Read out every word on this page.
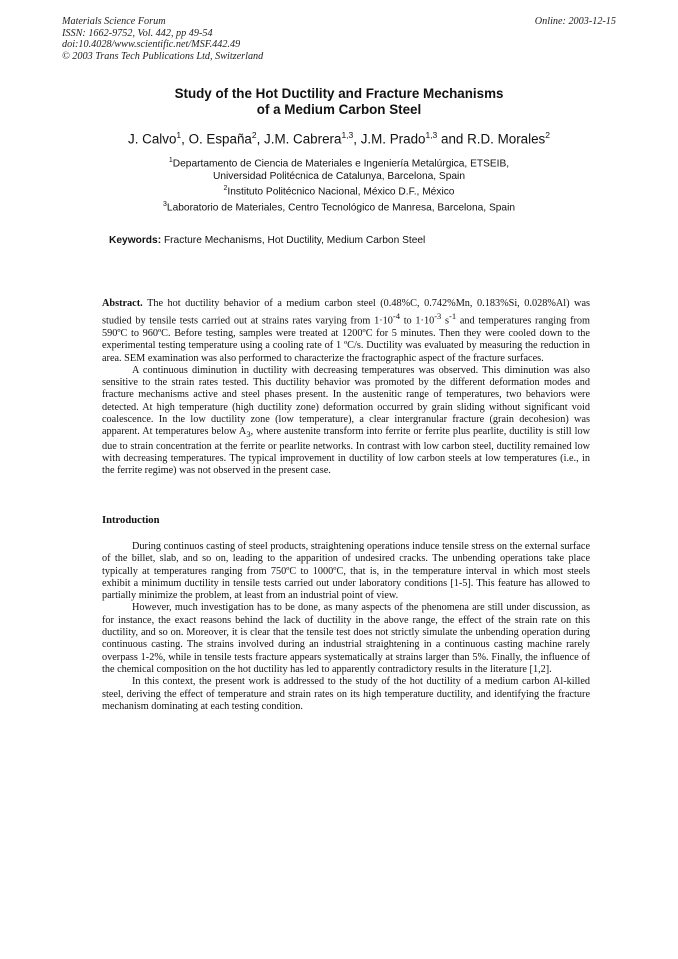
Materials Science Forum
ISSN: 1662-9752, Vol. 442, pp 49-54
doi:10.4028/www.scientific.net/MSF.442.49
© 2003 Trans Tech Publications Ltd, Switzerland
Online: 2003-12-15
Study of the Hot Ductility and Fracture Mechanisms
of a Medium Carbon Steel
J. Calvo$^1$, O. España$^2$, J.M. Cabrera$^{1,3}$, J.M. Prado$^{1,3}$ and R.D. Morales$^2$
$^1$Departamento de Ciencia de Materiales e Ingeniería Metalúrgica, ETSEIB,
Universidad Politécnica de Catalunya, Barcelona, Spain
$^2$Instituto Politécnico Nacional, México D.F., México
$^3$Laboratorio de Materiales, Centro Tecnológico de Manresa, Barcelona, Spain
Keywords: Fracture Mechanisms, Hot Ductility, Medium Carbon Steel

Abstract. The hot ductility behavior of a medium carbon steel (0.48%C, 0.742%Mn, 0.183%Si, 0.028%Al) was studied by tensile tests carried out at strains rates varying from $1\cdot 10^{-4}$ to $1\cdot 10^{-3}$ $s^{-1}$ and temperatures ranging from 590ºC to 960ºC. Before testing, samples were treated at 1200ºC for 5 minutes. Then they were cooled down to the experimental testing temperature using a cooling rate of 1 ºC/s. Ductility was evaluated by measuring the reduction in area. SEM examination was also performed to characterize the fractographic aspect of the fracture surfaces.

A continuous diminution in ductility with decreasing temperatures was observed. This diminution was also sensitive to the strain rates tested. This ductility behavior was promoted by the different deformation modes and fracture mechanisms active and steel phases present. In the austenitic range of temperatures, two behaviors were detected. At high temperature (high ductility zone) deformation occurred by grain sliding without significant void coalescence. In the low ductility zone (low temperature), a clear intergranular fracture (grain decohesion) was apparent. At temperatures below $A_3$, where austenite transform into ferrite or ferrite plus pearlite, ductility is still low due to strain concentration at the ferrite or pearlite networks. In contrast with low carbon steel, ductility remained low with decreasing temperatures. The typical improvement in ductility of low carbon steels at low temperatures (i.e., in the ferrite regime) was not observed in the present case.

Introduction

During continuos casting of steel products, straightening operations induce tensile stress on the external surface of the billet, slab, and so on, leading to the apparition of undesired cracks. The unbending operations take place typically at temperatures ranging from 750ºC to 1000ºC, that is, in the temperature interval in which most steels exhibit a minimum ductility in tensile tests carried out under laboratory conditions [1-5]. This feature has allowed to partially minimize the problem, at least from an industrial point of view.

However, much investigation has to be done, as many aspects of the phenomena are still under discussion, as for instance, the exact reasons behind the lack of ductility in the above range, the effect of the strain rate on this ductility, and so on. Moreover, it is clear that the tensile test does not strictly simulate the unbending operation during continuous casting. The strains involved during an industrial straightening in a continuous casting machine rarely overpass 1-2%, while in tensile tests fracture appears systematically at strains larger than 5%. Finally, the influence of the chemical composition on the hot ductility has led to apparently contradictory results in the literature [1,2].

In this context, the present work is addressed to the study of the hot ductility of a medium carbon Al-killed steel, deriving the effect of temperature and strain rates on its high temperature ductility, and identifying the fracture mechanism dominating at each testing condition.
